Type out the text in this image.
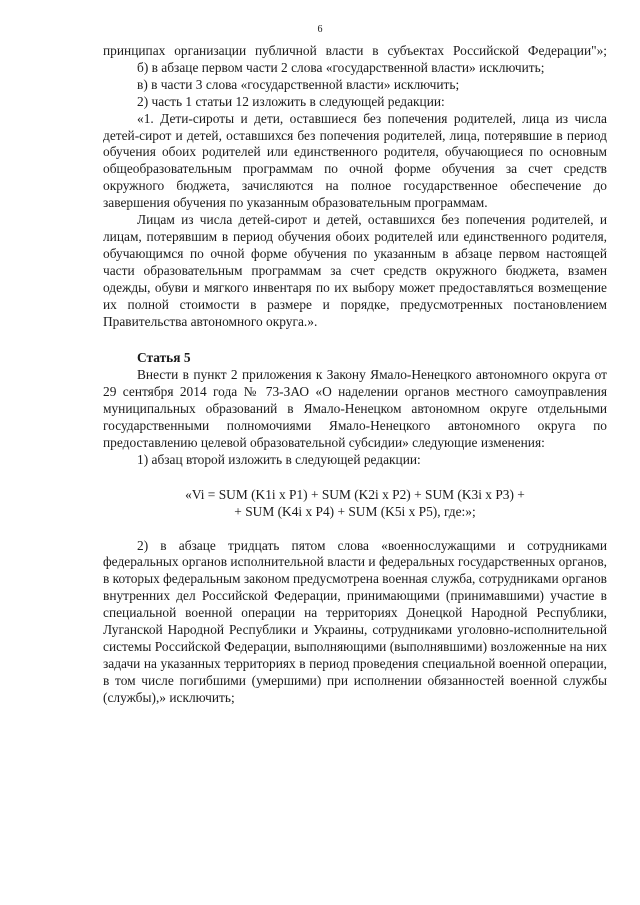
6

принципах организации публичной власти в субъектах Российской Федерации"»;

б) в абзаце первом части 2 слова «государственной власти» исключить;

в) в части 3 слова «государственной власти» исключить;

2) часть 1 статьи 12 изложить в следующей редакции:

«1. Дети-сироты и дети, оставшиеся без попечения родителей, лица из числа детей-сирот и детей, оставшихся без попечения родителей, лица, потерявшие в период обучения обоих родителей или единственного родителя, обучающиеся по основным общеобразовательным программам по очной форме обучения за счет средств окружного бюджета, зачисляются на полное государственное обеспечение до завершения обучения по указанным образовательным программам.

Лицам из числа детей-сирот и детей, оставшихся без попечения родителей, и лицам, потерявшим в период обучения обоих родителей или единственного родителя, обучающимся по очной форме обучения по указанным в абзаце первом настоящей части образовательным программам за счет средств окружного бюджета, взамен одежды, обуви и мягкого инвентаря по их выбору может предоставляться возмещение их полной стоимости в размере и порядке, предусмотренных постановлением Правительства автономного округа.».

Статья 5

Внести в пункт 2 приложения к Закону Ямало-Ненецкого автономного округа от 29 сентября 2014 года № 73-ЗАО «О наделении органов местного самоуправления муниципальных образований в Ямало-Ненецком автономном округе отдельными государственными полномочиями Ямало-Ненецкого автономного округа по предоставлению целевой образовательной субсидии» следующие изменения:

1) абзац второй изложить в следующей редакции:

«Vi = SUM (K1i x P1) + SUM (K2i x P2) + SUM (K3i x P3) +
+ SUM (K4i x P4) + SUM (K5i x P5), где:»;

2) в абзаце тридцать пятом слова «военнослужащими и сотрудниками федеральных органов исполнительной власти и федеральных государственных органов, в которых федеральным законом предусмотрена военная служба, сотрудниками органов внутренних дел Российской Федерации, принимающими (принимавшими) участие в специальной военной операции на территориях Донецкой Народной Республики, Луганской Народной Республики и Украины, сотрудниками уголовно-исполнительной системы Российской Федерации, выполняющими (выполнявшими) возложенные на них задачи на указанных территориях в период проведения специальной военной операции, в том числе погибшими (умершими) при исполнении обязанностей военной службы (службы),» исключить;
